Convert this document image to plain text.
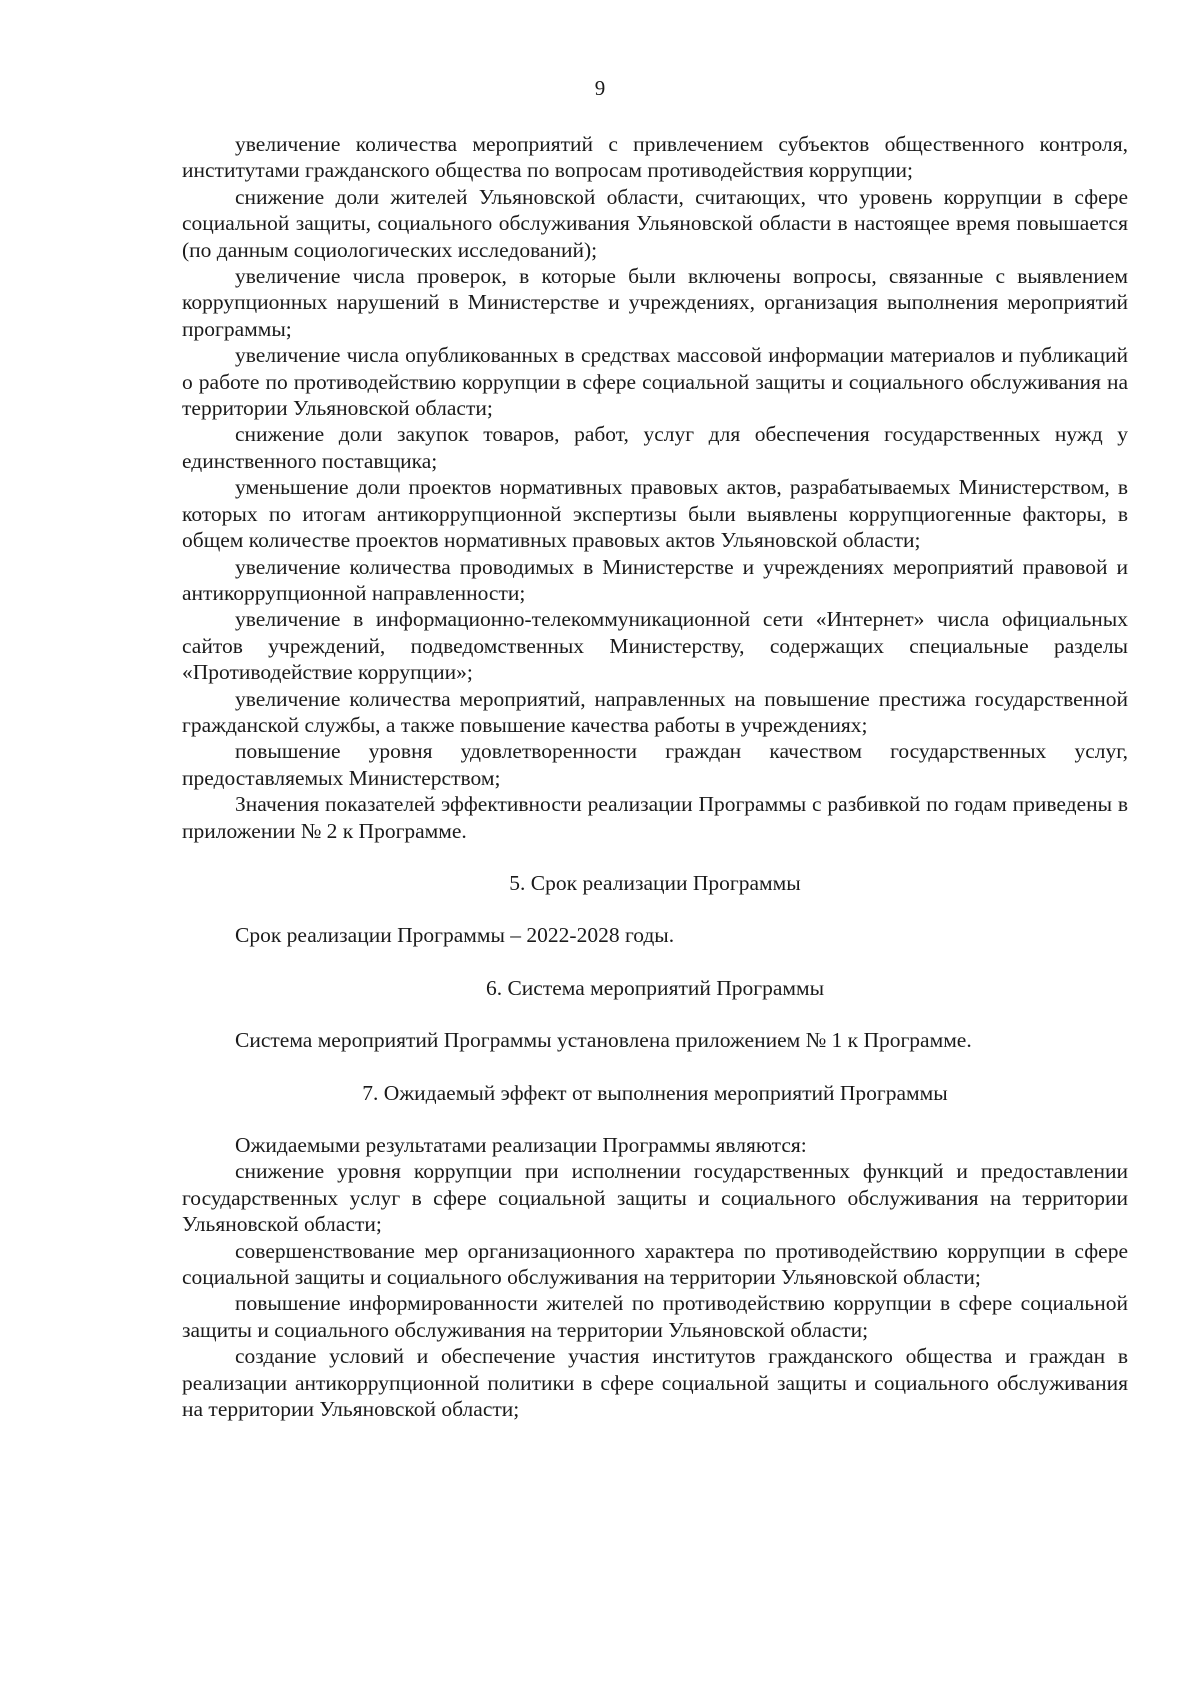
9

увеличение количества мероприятий с привлечением субъектов общественного контроля, институтами гражданского общества по вопросам противодействия коррупции;

снижение доли жителей Ульяновской области, считающих, что уровень коррупции в сфере социальной защиты, социального обслуживания Ульяновской области в настоящее время повышается (по данным социологических исследований);

увеличение числа проверок, в которые были включены вопросы, связанные с выявлением коррупционных нарушений в Министерстве и учреждениях, организация выполнения мероприятий программы;

увеличение числа опубликованных в средствах массовой информации материалов и публикаций о работе по противодействию коррупции в сфере социальной защиты и социального обслуживания на территории Ульяновской области;

снижение доли закупок товаров, работ, услуг для обеспечения государственных нужд у единственного поставщика;

уменьшение доли проектов нормативных правовых актов, разрабатываемых Министерством, в которых по итогам антикоррупционной экспертизы были выявлены коррупциогенные факторы, в общем количестве проектов нормативных правовых актов Ульяновской области;

увеличение количества проводимых в Министерстве и учреждениях мероприятий правовой и антикоррупционной направленности;

увеличение в информационно-телекоммуникационной сети «Интернет» числа официальных сайтов учреждений, подведомственных Министерству, содержащих специальные разделы «Противодействие коррупции»;

увеличение количества мероприятий, направленных на повышение престижа государственной гражданской службы, а также повышение качества работы в учреждениях;

повышение уровня удовлетворенности граждан качеством государственных услуг, предоставляемых Министерством;

Значения показателей эффективности реализации Программы с разбивкой по годам приведены в приложении № 2 к Программе.

5. Срок реализации Программы

Срок реализации Программы – 2022-2028 годы.

6. Система мероприятий Программы

Система мероприятий Программы установлена приложением № 1 к Программе.

7. Ожидаемый эффект от выполнения мероприятий Программы

Ожидаемыми результатами реализации Программы являются:

снижение уровня коррупции при исполнении государственных функций и предоставлении государственных услуг в сфере социальной защиты и социального обслуживания на территории Ульяновской области;

совершенствование мер организационного характера по противодействию коррупции в сфере социальной защиты и социального обслуживания на территории Ульяновской области;

повышение информированности жителей по противодействию коррупции в сфере социальной защиты и социального обслуживания на территории Ульяновской области;

создание условий и обеспечение участия институтов гражданского общества и граждан в реализации антикоррупционной политики в сфере социальной защиты и социального обслуживания на территории Ульяновской области;
